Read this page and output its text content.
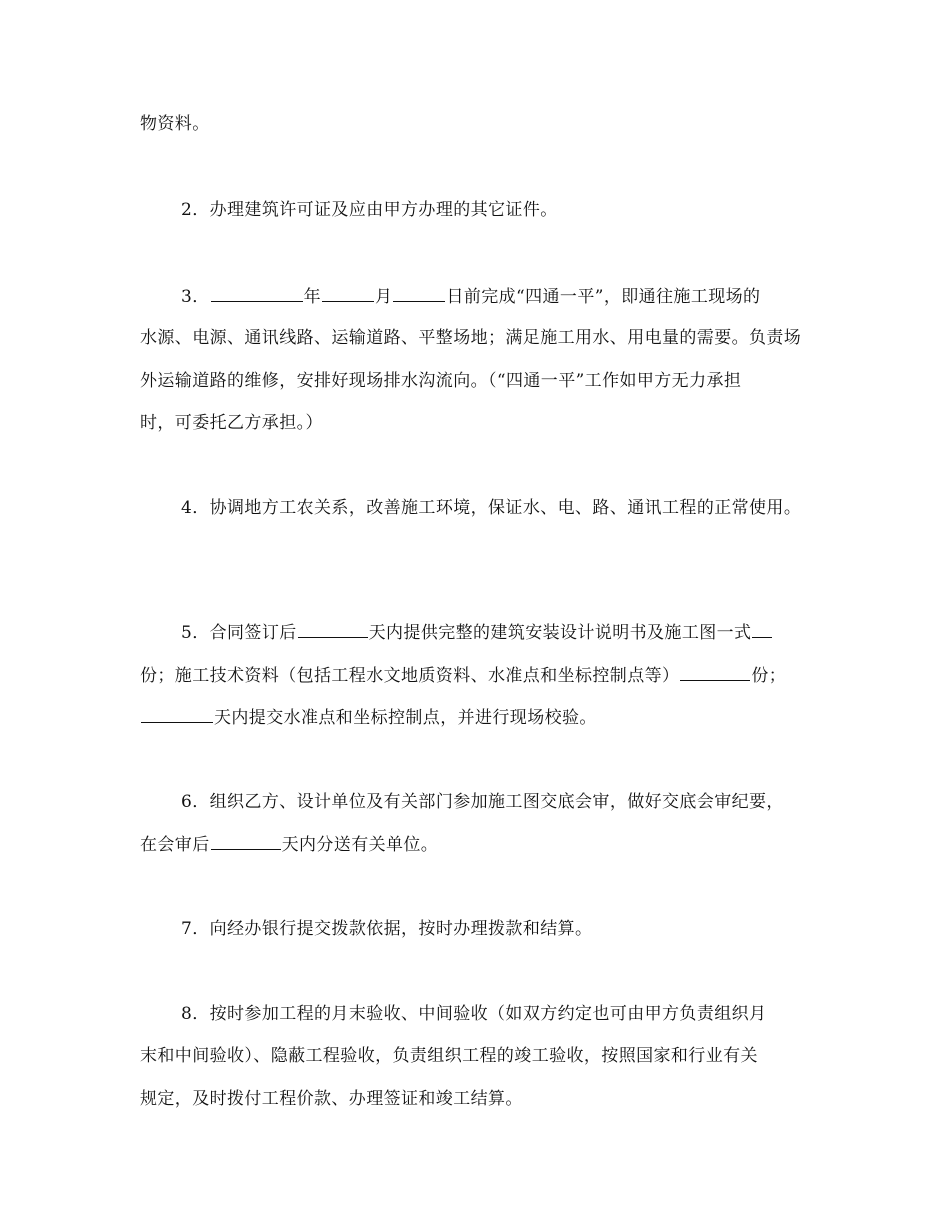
物资料。
2．办理建筑许可证及应由甲方办理的其它证件。
3．	年	月	日前完成“四通一平”，即通往施工现场的
水源、电源、通讯线路、运输道路、平整场地；满足施工用水、用电量的需要。负责场
外运输道路的维修，安排好现场排水沟流向。（“四通一平”工作如甲方无力承担
时，可委托乙方承担。）
4．协调地方工农关系，改善施工环境，保证水、电、路、通讯工程的正常使用。
5．合同签订后	天内提供完整的建筑安装设计说明书及施工图一式
份；施工技术资料（包括工程水文地质资料、水准点和坐标控制点等）	份；
天内提交水准点和坐标控制点，并进行现场校验。
6．组织乙方、设计单位及有关部门参加施工图交底会审，做好交底会审纪要，
在会审后	天内分送有关单位。
7．向经办银行提交拨款依据，按时办理拨款和结算。
8．按时参加工程的月末验收、中间验收（如双方约定也可由甲方负责组织月
末和中间验收）、隐蔽工程验收，负责组织工程的竣工验收，按照国家和行业有关
规定，及时拨付工程价款、办理签证和竣工结算。
